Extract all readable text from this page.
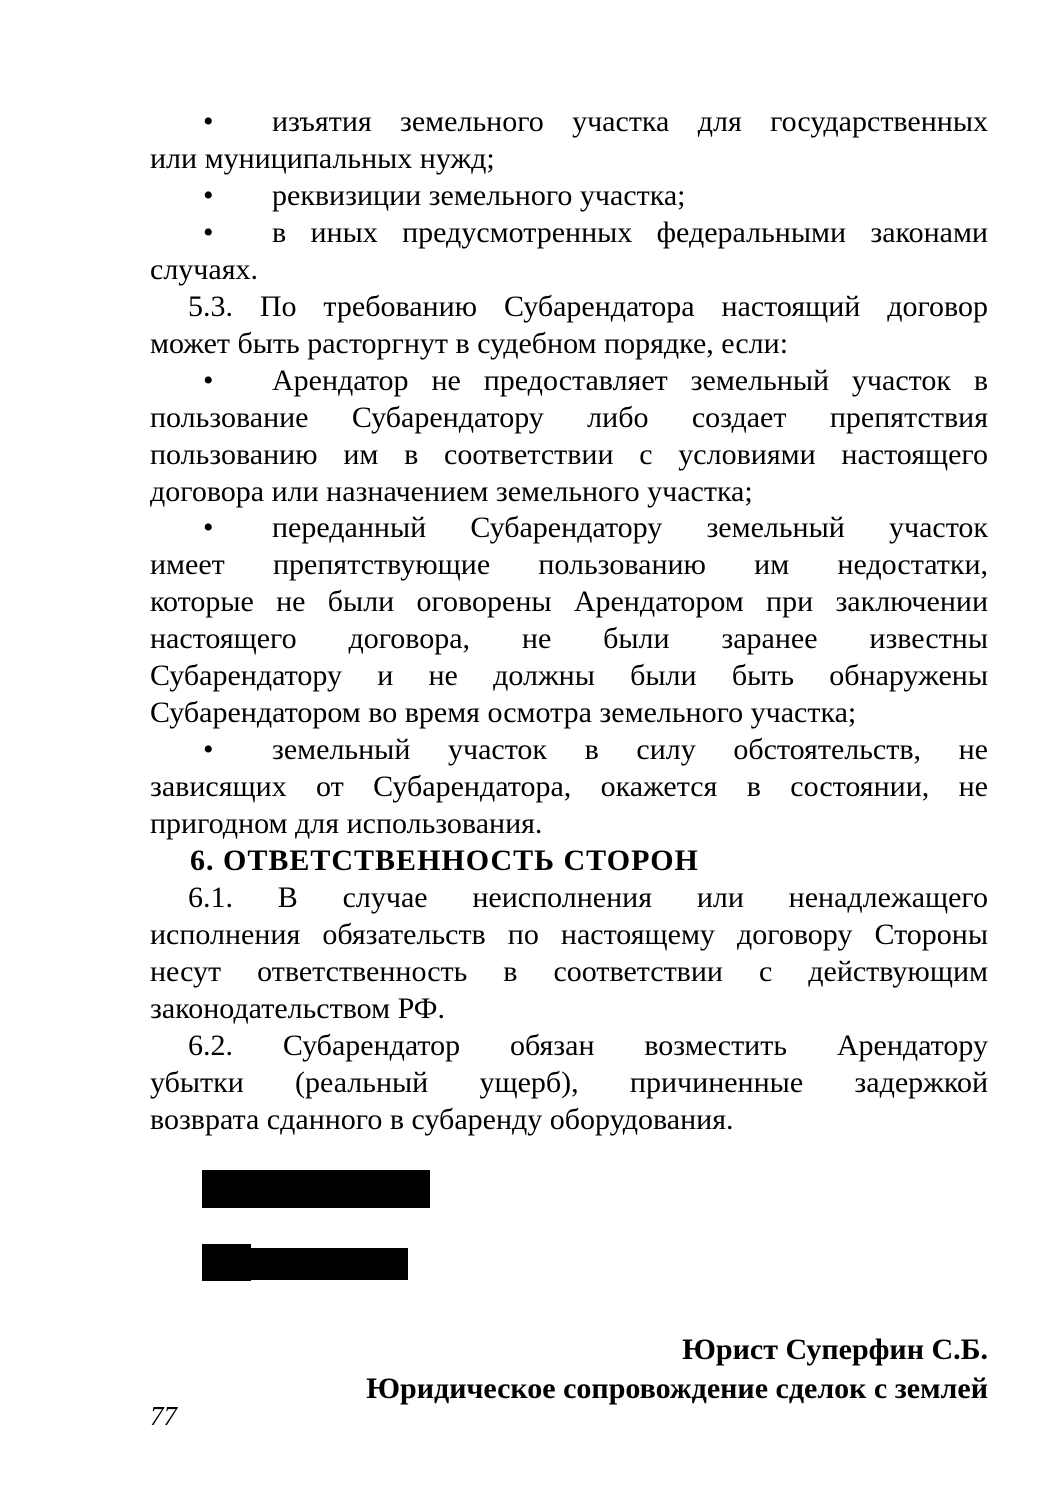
• изъятия земельного участка для государственных
или муниципальных нужд;
• реквизиции земельного участка;
• в иных предусмотренных федеральными законами
случаях.
5.3. По требованию Субарендатора настоящий договор
может быть расторгнут в судебном порядке, если:
• Арендатор не предоставляет земельный участок в
пользование Субарендатору либо создает препятствия
пользованию им в соответствии с условиями настоящего
договора или назначением земельного участка;
• переданный Субарендатору земельный участок
имеет препятствующие пользованию им недостатки,
которые не были оговорены Арендатором при заключении
настоящего договора, не были заранее известны
Субарендатору и не должны были быть обнаружены
Субарендатором во время осмотра земельного участка;
• земельный участок в силу обстоятельств, не
зависящих от Субарендатора, окажется в состоянии, не
пригодном для использования.
6. ОТВЕТСТВЕННОСТЬ СТОРОН
6.1. В случае неисполнения или ненадлежащего
исполнения обязательств по настоящему договору Стороны
несут ответственность в соответствии с действующим
законодательством РФ.
6.2. Субарендатор обязан возместить Арендатору
убытки (реальный ущерб), причиненные задержкой
возврата сданного в субаренду оборудования.
Юрист Суперфин С.Б.
Юридическое сопровождение сделок с землей
77
